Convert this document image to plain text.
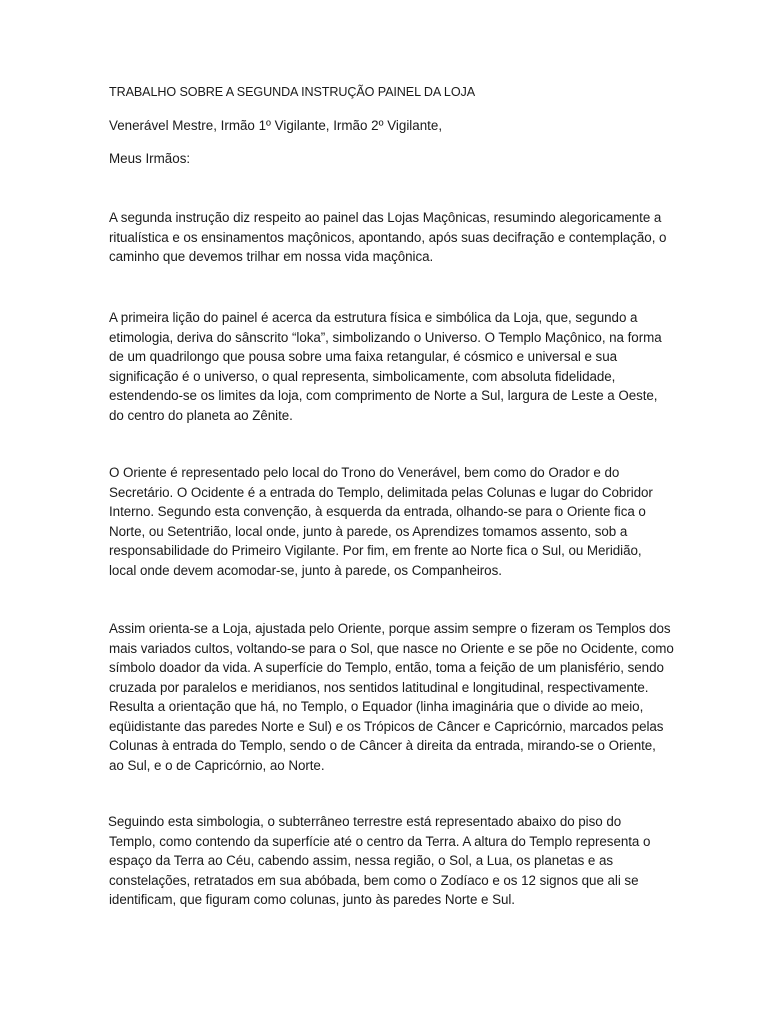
TRABALHO SOBRE A SEGUNDA INSTRUÇÃO PAINEL DA LOJA
Venerável Mestre, Irmão 1º Vigilante, Irmão 2º Vigilante,
Meus Irmãos:

A segunda instrução diz respeito ao painel das Lojas Maçônicas, resumindo alegoricamente a
ritualística e os ensinamentos maçônicos, apontando, após suas decifração e contemplação, o
caminho que devemos trilhar em nossa vida maçônica.

A primeira lição do painel é acerca da estrutura física e simbólica da Loja, que, segundo a
etimologia, deriva do sânscrito “loka”, simbolizando o Universo. O Templo Maçônico, na forma
de um quadrilongo que pousa sobre uma faixa retangular, é cósmico e universal e sua
significação é o universo, o qual representa, simbolicamente, com absoluta fidelidade,
estendendo-se os limites da loja, com comprimento de Norte a Sul, largura de Leste a Oeste,
do centro do planeta ao Zênite.

O Oriente é representado pelo local do Trono do Venerável, bem como do Orador e do
Secretário. O Ocidente é a entrada do Templo, delimitada pelas Colunas e lugar do Cobridor
Interno. Segundo esta convenção, à esquerda da entrada, olhando-se para o Oriente fica o
Norte, ou Setentrião, local onde, junto à parede, os Aprendizes tomamos assento, sob a
responsabilidade do Primeiro Vigilante. Por fim, em frente ao Norte fica o Sul, ou Meridião,
local onde devem acomodar-se, junto à parede, os Companheiros.

Assim orienta-se a Loja, ajustada pelo Oriente, porque assim sempre o fizeram os Templos dos
mais variados cultos, voltando-se para o Sol, que nasce no Oriente e se põe no Ocidente, como
símbolo doador da vida. A superfície do Templo, então, toma a feição de um planisfério, sendo
cruzada por paralelos e meridianos, nos sentidos latitudinal e longitudinal, respectivamente.
Resulta a orientação que há, no Templo, o Equador (linha imaginária que o divide ao meio,
eqüidistante das paredes Norte e Sul) e os Trópicos de Câncer e Capricórnio, marcados pelas
Colunas à entrada do Templo, sendo o de Câncer à direita da entrada, mirando-se o Oriente,
ao Sul, e o de Capricórnio, ao Norte.

Seguindo esta simbologia, o subterrâneo terrestre está representado abaixo do piso do
Templo, como contendo da superfície até o centro da Terra. A altura do Templo representa o
espaço da Terra ao Céu, cabendo assim, nessa região, o Sol, a Lua, os planetas e as
constelações, retratados em sua abóbada, bem como o Zodíaco e os 12 signos que ali se
identificam, que figuram como colunas, junto às paredes Norte e Sul.
